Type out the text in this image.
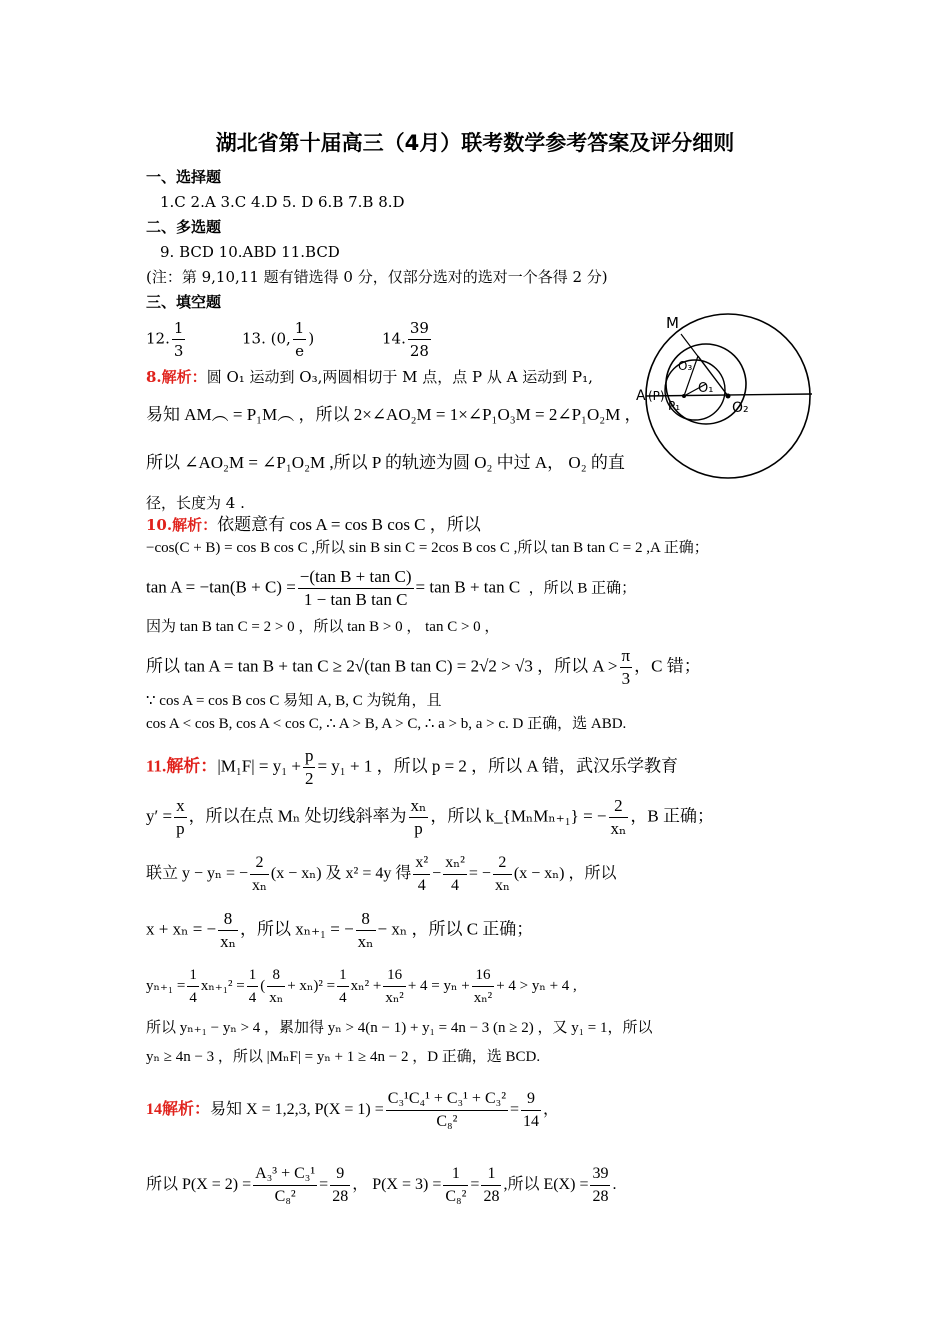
湖北省第十届高三（4月）联考数学参考答案及评分细则
一、选择题
1.C 2.A 3.C 4.D 5. D 6.B 7.B 8.D
二、多选题
9. BCD 10.ABD 11.BCD
(注：第 9,10,11 题有错选得 0 分，仅部分选对的选对一个各得 2 分)
三、填空题
12. $\frac{1}{3}$	13. (0, $\frac{1}{e}$ )	14. $\frac{39}{28}$
8.解析：圆 O₁ 运动到 O₃,两圆相切于 M 点，点 P 从 A 运动到 P₁,
易知 AM︵ = P₁M︵ ，所以 2×∠AO₂M = 1×∠P₁O₃M = 2∠P₁O₂M ，
所以 ∠AO₂M = ∠P₁O₂M ,所以 P 的轨迹为圆 O₂ 中过 A， O₂ 的直
径，长度为 4 .
M
O₃
O₁
A (P)
P₁	O₂
10.解析：依题意有 cos A = cos B cos C ，所以
−cos(C + B) = cos B cos C ,所以 sin B sin C = 2cos B cos C ,所以 tan B tan C = 2 ,A 正确；
$\tan A = -\tan(B + C) = \frac{\text{−(tan B + tan C)}}{\text{1 − tan B tan C}} = \tan B + \tan C$ ，所以 B 正确；
因为 tan B tan C = 2 > 0 ，所以 tan B > 0 ， tan C > 0 ，
所以 tan A = tan B + tan C ≥ 2√(tan B tan C) = 2√2 > √3 ，所以 $A > \frac{\pi}{3}$ ，C 错；
∵ cos A = cos B cos C 易知 A, B, C 为锐角，且
cos A < cos B, cos A < cos C, ∴ A > B, A > C, ∴ a > b, a > c. D 正确，选 ABD.
11.解析：$|M_1F| = y_1 + \frac{p}{2} = y_1 + 1$ ，所以 p = 2 ，所以 A 错，武汉乐学教育
$y' = \frac{x}{p}$ ，所以在点 Mₙ 处切线斜率为 $\frac{\text{xₙ}}{p}$ ，所以 k_{MₙMₙ₊₁} = − $\frac{2}{\text{xₙ}}$ ，B 正确；
联立 y − yₙ = − $\frac{2}{\text{xₙ}} (x - x_n)$ 及 x² = 4y 得 $\frac{\text{x²}}{4} - \frac{\text{xₙ²}}{4}$ = − $\frac{2}{\text{xₙ}} (x - x_n)$ ，所以
x + xₙ = − $\frac{8}{\text{xₙ}}$ ，所以 xₙ₊₁ = − $\frac{8}{\text{xₙ}} - x_n$ ，所以 C 正确；
$y_{n+1} = \frac{1}{4} x_{n+1}^2 = \frac{1}{4}$ ( $\frac{8}{\text{xₙ}} + x_n)^2 = \frac{1}{4} x_n^2 + \frac{16}{\text{xₙ²}} + 4 = y_n + \frac{16}{\text{xₙ²}} + 4 > y_n + 4$ ,
所以 yₙ₊₁ − yₙ > 4 ，累加得 yₙ > 4(n − 1) + y₁ = 4n − 3 (n ≥ 2) ，又 y₁ = 1，所以
yₙ ≥ 4n − 3 ，所以 |MₙF| = yₙ + 1 ≥ 4n − 2 ，D 正确，选 BCD.
14解析：易知 X = 1,2,3, $P(X = 1) = \frac{\text{C₃¹C₄¹ + C₃¹ + C₃²}}{\text{C₈²}} = \frac{9}{14}$ ，
所以 $P(X = 2) = \frac{\text{A₃³ + C₃¹}}{\text{C₈²}} = \frac{9}{28}$ ， $P(X = 3) = \frac{1}{\text{C₈²}} = \frac{1}{28}$ ,所以 $E(X) = \frac{39}{28}$ .
